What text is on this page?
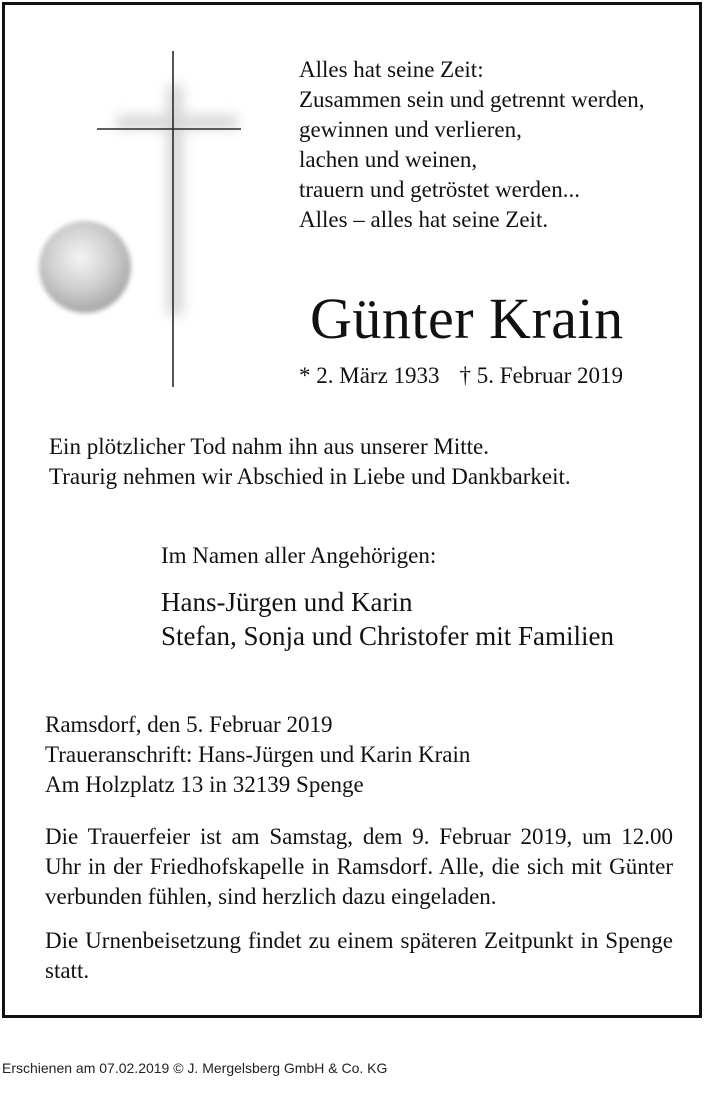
Alles hat seine Zeit:
Zusammen sein und getrennt werden,
gewinnen und verlieren,
lachen und weinen,
trauern und getröstet werden...
Alles – alles hat seine Zeit.
Günter Krain
* 2. März 1933 † 5. Februar 2019
Ein plötzlicher Tod nahm ihn aus unserer Mitte.
Traurig nehmen wir Abschied in Liebe und Dankbarkeit.
Im Namen aller Angehörigen:
Hans-Jürgen und Karin
Stefan, Sonja und Christofer mit Familien
Ramsdorf, den 5. Februar 2019
Traueranschrift: Hans-Jürgen und Karin Krain
Am Holzplatz 13 in 32139 Spenge
Die Trauerfeier ist am Samstag, dem 9. Februar 2019, um 12.00 Uhr in der Friedhofskapelle in Ramsdorf. Alle, die sich mit Günter verbunden fühlen, sind herzlich dazu eingeladen.
Die Urnenbeisetzung findet zu einem späteren Zeitpunkt in Spenge statt.
Erschienen am 07.02.2019 © J. Mergelsberg GmbH & Co. KG
